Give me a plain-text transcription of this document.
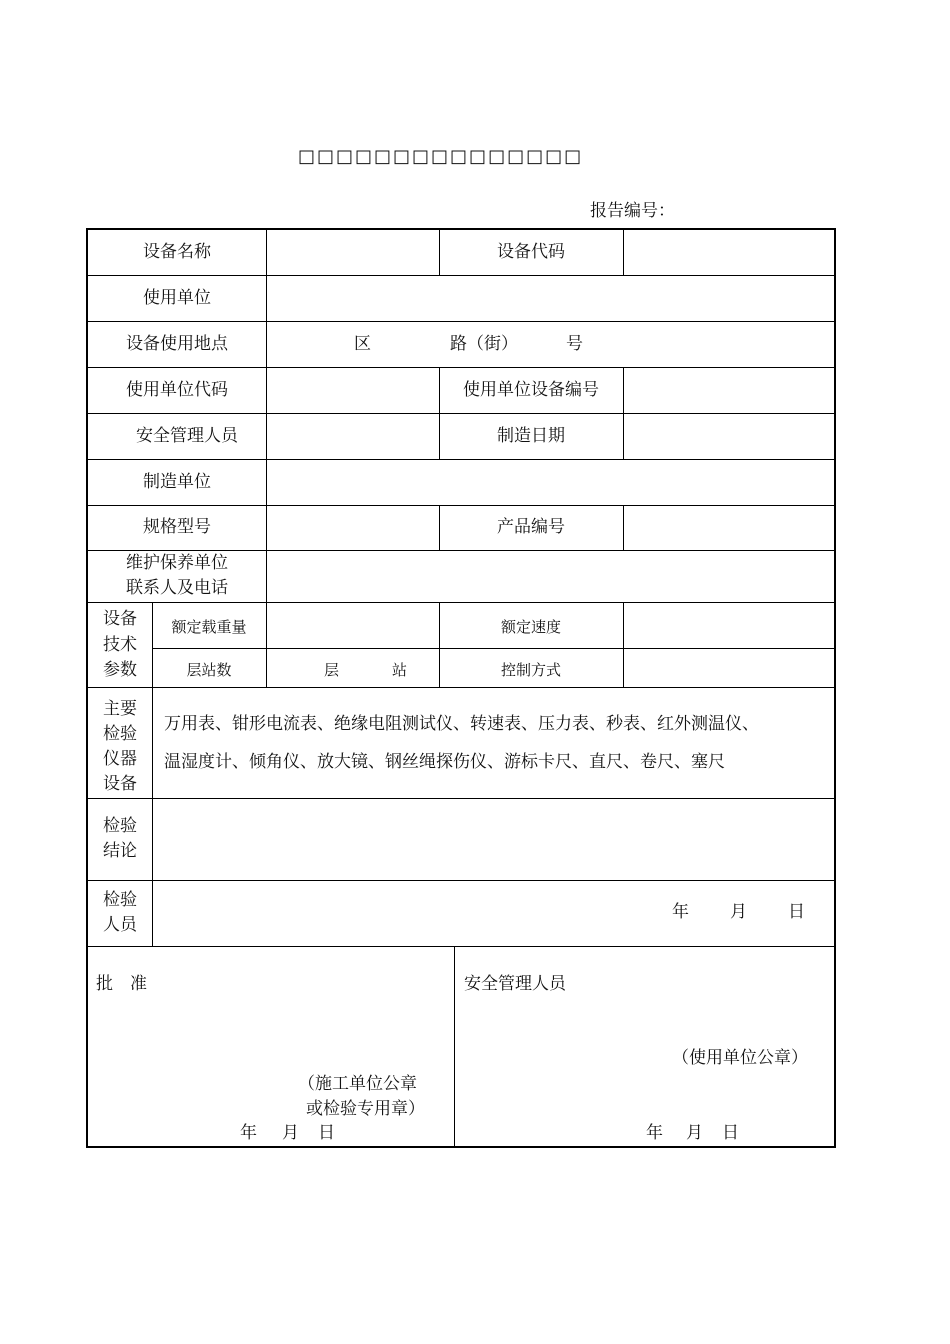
□□□□□□□□□□□□□□□
报告编号：
设备名称	设备代码
使用单位
设备使用地点	区	路（街）	号
使用单位代码	使用单位设备编号
安全管理人员	制造日期
制造单位
规格型号	产品编号
维护保养单位
联系人及电话
设备
技术
参数
额定载重量	额定速度
层站数	层	站	控制方式
主要
检验
仪器
设备
万用表、钳形电流表、绝缘电阻测试仪、转速表、压力表、秒表、红外测温仪、
温湿度计、倾角仪、放大镜、钢丝绳探伤仪、游标卡尺、直尺、卷尺、塞尺
检验
结论
检验
人员
年 月 日
批　准
（施工单位公章
或检验专用章）
年 月 日
安全管理人员
（使用单位公章）
年 月 日
